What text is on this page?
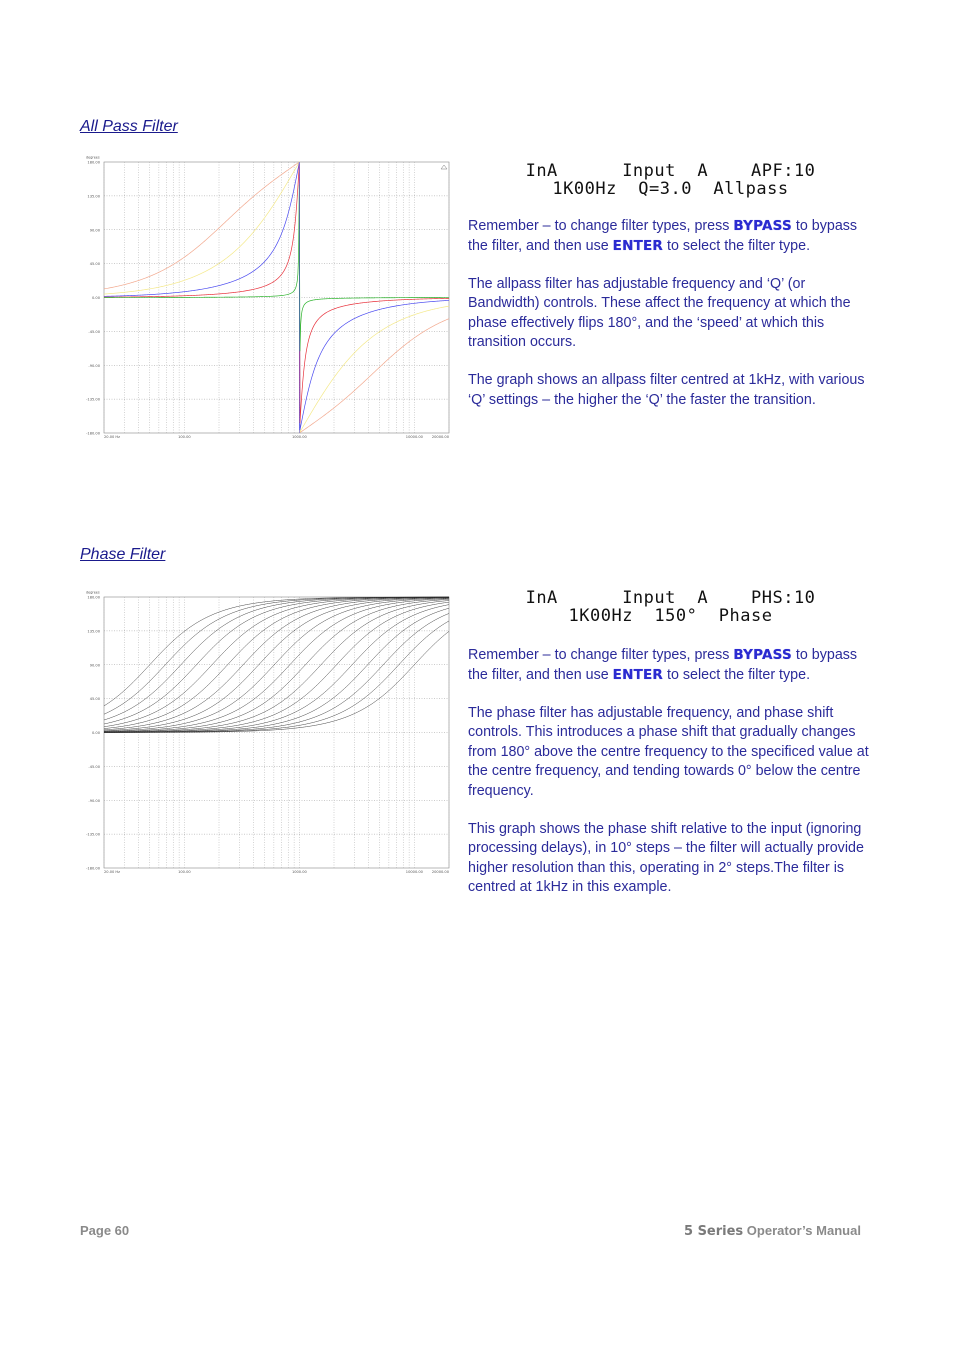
All Pass Filter
180.00
135.00
90.00
45.00
0.00
-45.00
-90.00
-135.00
-180.00
degrees
20.00 Hz	100.00	1000.00	10000.00 20000.00
InA      Input  A    APF:10
1K00Hz  Q=3.0  Allpass

Remember – to change filter types, press BYPASS to bypass the filter, and then use ENTER to select the filter type.

The allpass filter has adjustable frequency and ‘Q’ (or Bandwidth) controls. These affect the frequency at which the phase effectively flips 180°, and the ‘speed’ at which this transition occurs.

The graph shows an allpass filter centred at 1kHz, with various ‘Q’ settings – the higher the ‘Q’ the faster the transition.

Phase Filter
180.00
135.00
90.00
45.00
0.00
-45.00
-90.00
-135.00
-180.00
degrees
20.00 Hz	100.00	1000.00	10000.00 20000.00
InA      Input  A    PHS:10
1K00Hz  150°  Phase

Remember – to change filter types, press BYPASS to bypass the filter, and then use ENTER to select the filter type.

The phase filter has adjustable frequency, and phase shift controls. This introduces a phase shift that gradually changes from 180° above the centre frequency to the specificed value at the centre frequency, and tending towards 0° below the centre frequency.

This graph shows the phase shift relative to the input (ignoring processing delays), in 10° steps – the filter will actually provide higher resolution than this, operating in 2° steps.The filter is
centred at 1kHz in this example.

Page 60	5 Series Operator’s Manual
